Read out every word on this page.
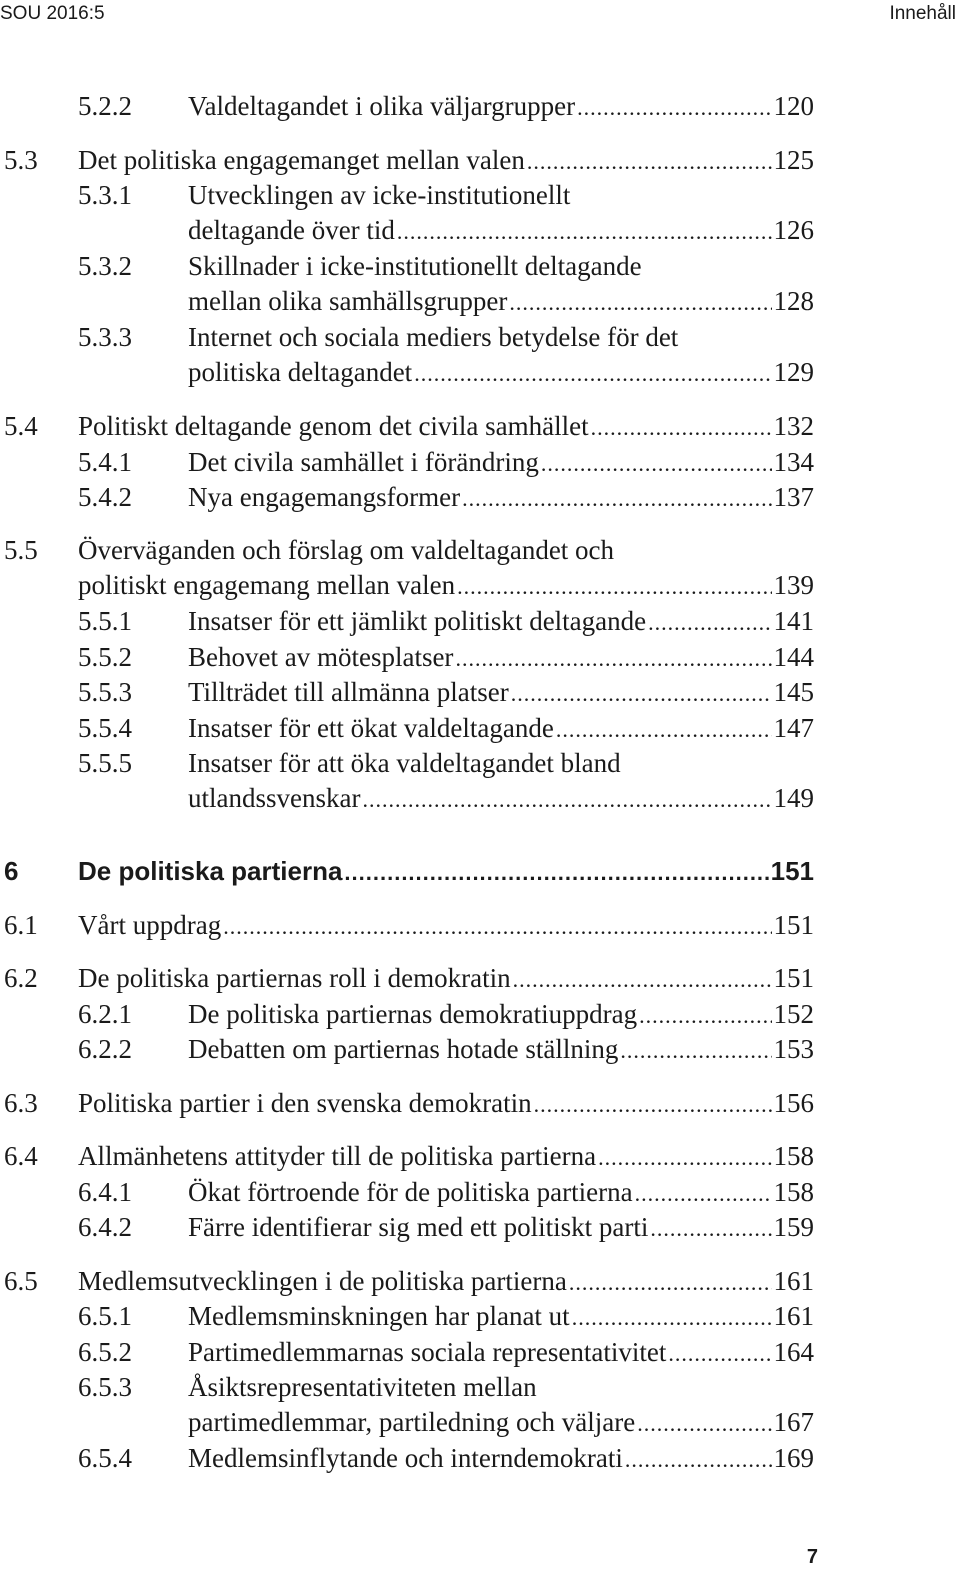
SOU 2016:5	Innehåll
5.2.2 Valdeltagandet i olika väljargrupper .....	120
5.3 Det politiska engagemanget mellan valen .....	125
5.3.1 Utvecklingen av icke-institutionellt
deltagande över tid .....	126
5.3.2 Skillnader i icke-institutionellt deltagande
mellan olika samhällsgrupper .....	128
5.3.3 Internet och sociala mediers betydelse för det
politiska deltagandet .....	129
5.4 Politiskt deltagande genom det civila samhället .....	132
5.4.1 Det civila samhället i förändring .....	134
5.4.2 Nya engagemangsformer .....	137
5.5 Överväganden och förslag om valdeltagandet och
politiskt engagemang mellan valen .....	139
5.5.1 Insatser för ett jämlikt politiskt deltagande .....	141
5.5.2 Behovet av mötesplatser .....	144
5.5.3 Tillträdet till allmänna platser .....	145
5.5.4 Insatser för ett ökat valdeltagande .....	147
5.5.5 Insatser för att öka valdeltagandet bland
utlandssvenskar .....	149
6 De politiska partierna .....	151
6.1 Vårt uppdrag .....	151
6.2 De politiska partiernas roll i demokratin .....	151
6.2.1 De politiska partiernas demokratiuppdrag .....	152
6.2.2 Debatten om partiernas hotade ställning .....	153
6.3 Politiska partier i den svenska demokratin .....	156
6.4 Allmänhetens attityder till de politiska partierna .....	158
6.4.1 Ökat förtroende för de politiska partierna .....	158
6.4.2 Färre identifierar sig med ett politiskt parti .....	159
6.5 Medlemsutvecklingen i de politiska partierna .....	161
6.5.1 Medlemsminskningen har planat ut .....	161
6.5.2 Partimedlemmarnas sociala representativitet .....	164
6.5.3 Åsiktsrepresentativiteten mellan
partimedlemmar, partiledning och väljare .....	167
6.5.4 Medlemsinflytande och interndemokrati .....	169
7
